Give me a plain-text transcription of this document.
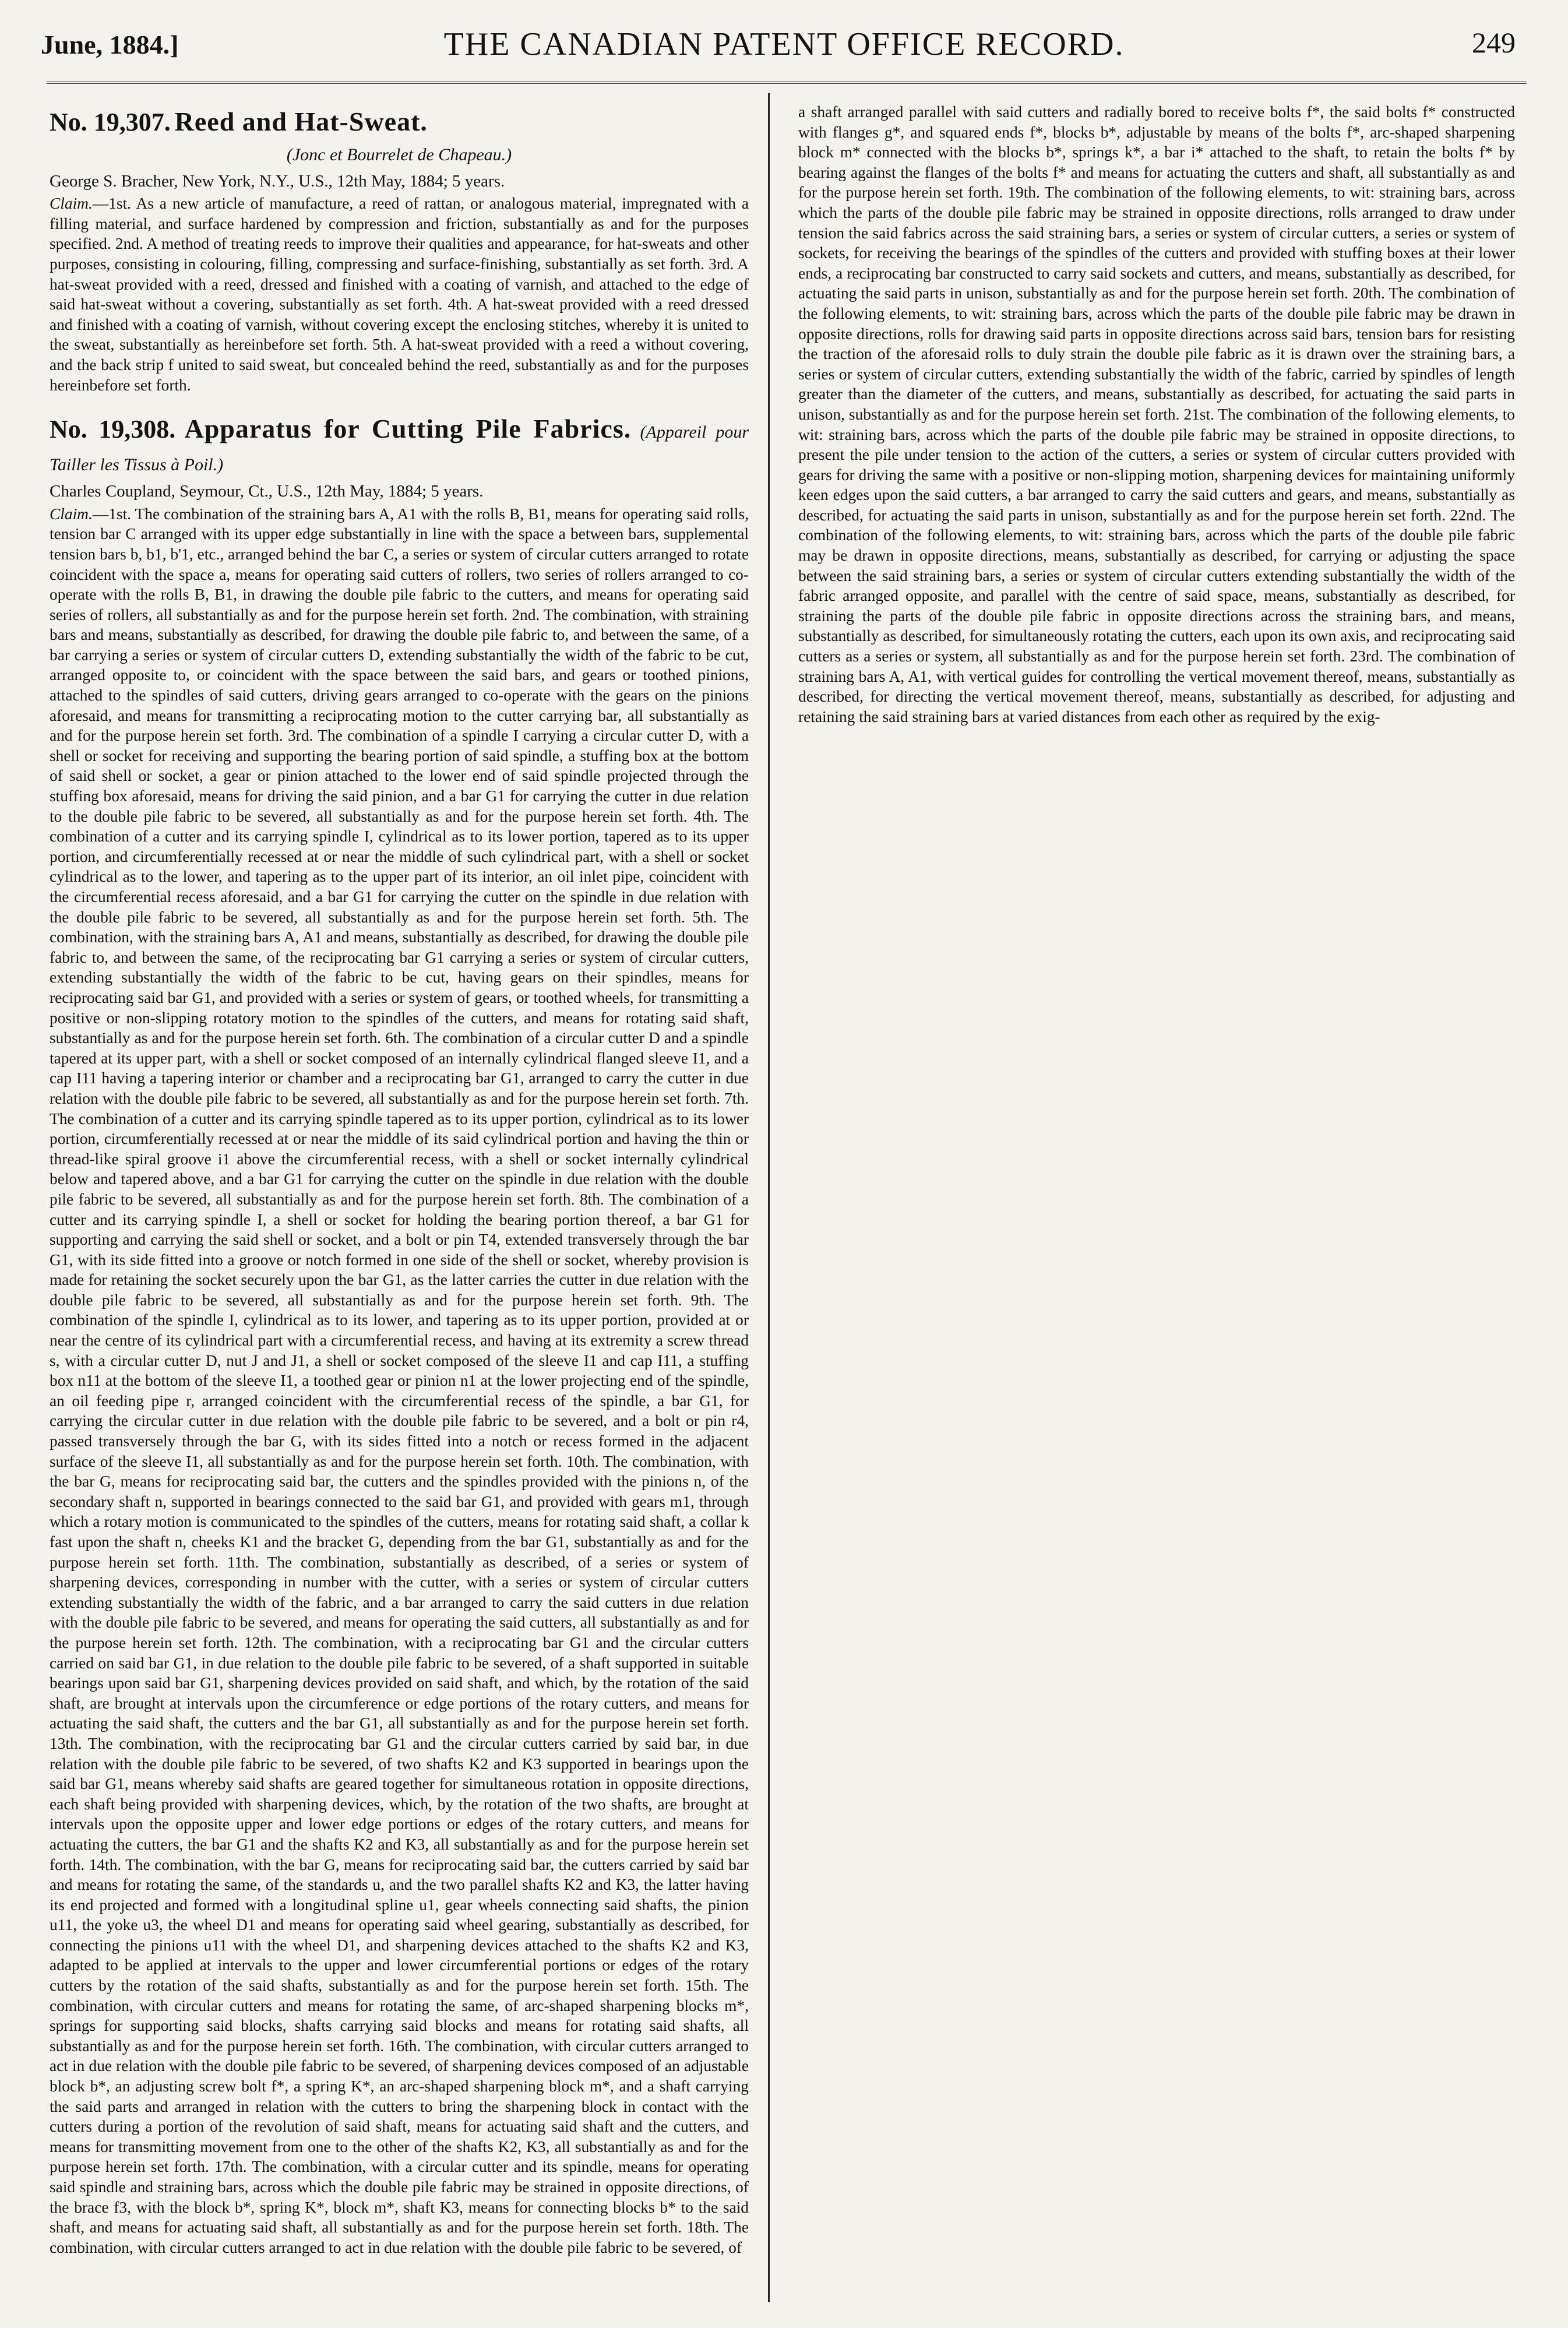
June, 1884.]	THE CANADIAN PATENT OFFICE RECORD.	249

No. 19,307. Reed and Hat-Sweat.

(Jonc et Bourrelet de Chapeau.)

George S. Bracher, New York, N.Y., U.S., 12th May, 1884; 5 years.

Claim.—1st. As a new article of manufacture, a reed of rattan, or analogous material, impregnated with a filling material, and surface hardened by compression and friction, substantially as and for the purposes specified. 2nd. A method of treating reeds to improve their qualities and appearance, for hat-sweats and other purposes, consisting in colouring, filling, compressing and surface-finishing, substantially as set forth. 3rd. A hat-sweat provided with a reed, dressed and finished with a coating of varnish, and attached to the edge of said hat-sweat without a covering, substantially as set forth. 4th. A hat-sweat provided with a reed dressed and finished with a coating of varnish, without covering except the enclosing stitches, whereby it is united to the sweat, substantially as hereinbefore set forth. 5th. A hat-sweat provided with a reed a without covering, and the back strip f united to said sweat, but concealed behind the reed, substantially as and for the purposes hereinbefore set forth.

No. 19,308. Apparatus for Cutting Pile Fabrics. (Appareil pour Tailler les Tissus à Poil.)

Charles Coupland, Seymour, Ct., U.S., 12th May, 1884; 5 years.

Claim.—1st. The combination of the straining bars A, A1 with the rolls B, B1, means for operating said rolls, tension bar C arranged with its upper edge substantially in line with the space a between bars, supplemental tension bars b, b1, b'1, etc., arranged behind the bar C, a series or system of circular cutters arranged to rotate coincident with the space a, means for operating said cutters of rollers, two series of rollers arranged to co-operate with the rolls B, B1, in drawing the double pile fabric to the cutters, and means for operating said series of rollers, all substantially as and for the purpose herein set forth. 2nd. The combination, with straining bars and means, substantially as described, for drawing the double pile fabric to, and between the same, of a bar carrying a series or system of circular cutters D, extending substantially the width of the fabric to be cut, arranged opposite to, or coincident with the space between the said bars, and gears or toothed pinions, attached to the spindles of said cutters, driving gears arranged to co-operate with the gears on the pinions aforesaid, and means for transmitting a reciprocating motion to the cutter carrying bar, all substantially as and for the purpose herein set forth. 3rd. The combination of a spindle I carrying a circular cutter D, with a shell or socket for receiving and supporting the bearing portion of said spindle, a stuffing box at the bottom of said shell or socket, a gear or pinion attached to the lower end of said spindle projected through the stuffing box aforesaid, means for driving the said pinion, and a bar G1 for carrying the cutter in due relation to the double pile fabric to be severed, all substantially as and for the purpose herein set forth. 4th. The combination of a cutter and its carrying spindle I, cylindrical as to its lower portion, tapered as to its upper portion, and circumferentially recessed at or near the middle of such cylindrical part, with a shell or socket cylindrical as to the lower, and tapering as to the upper part of its interior, an oil inlet pipe, coincident with the circumferential recess aforesaid, and a bar G1 for carrying the cutter on the spindle in due relation with the double pile fabric to be severed, all substantially as and for the purpose herein set forth. 5th. The combination, with the straining bars A, A1 and means, substantially as described, for drawing the double pile fabric to, and between the same, of the reciprocating bar G1 carrying a series or system of circular cutters, extending substantially the width of the fabric to be cut, having gears on their spindles, means for reciprocating said bar G1, and provided with a series or system of gears, or toothed wheels, for transmitting a positive or non-slipping rotatory motion to the spindles of the cutters, and means for rotating said shaft, substantially as and for the purpose herein set forth. 6th. The combination of a circular cutter D and a spindle tapered at its upper part, with a shell or socket composed of an internally cylindrical flanged sleeve I1, and a cap I11 having a tapering interior or chamber and a reciprocating bar G1, arranged to carry the cutter in due relation with the double pile fabric to be severed, all substantially as and for the purpose herein set forth. 7th. The combination of a cutter and its carrying spindle tapered as to its upper portion, cylindrical as to its lower portion, circumferentially recessed at or near the middle of its said cylindrical portion and having the thin or thread-like spiral groove i1 above the circumferential recess, with a shell or socket internally cylindrical below and tapered above, and a bar G1 for carrying the cutter on the spindle in due relation with the double pile fabric to be severed, all substantially as and for the purpose herein set forth. 8th. The combination of a cutter and its carrying spindle I, a shell or socket for holding the bearing portion thereof, a bar G1 for supporting and carrying the said shell or socket, and a bolt or pin T4, extended transversely through the bar G1, with its side fitted into a groove or notch formed in one side of the shell or socket, whereby provision is made for retaining the socket securely upon the bar G1, as the latter carries the cutter in due relation with the double pile fabric to be severed, all substantially as and for the purpose herein set forth. 9th. The combination of the spindle I, cylindrical as to its lower, and tapering as to its upper portion, provided at or near the centre of its cylindrical part with a circumferential recess, and having at its extremity a screw thread s, with a circular cutter D, nut J and J1, a shell or socket composed of the sleeve I1 and cap I11, a stuffing box n11 at the bottom of the sleeve I1, a toothed gear or pinion n1 at the lower projecting end of the spindle, an oil feeding pipe r, arranged coincident with the circumferential recess of the spindle, a bar G1, for carrying the circular cutter in due relation with the double pile fabric to be severed, and a bolt or pin r4, passed transversely through the bar G, with its sides fitted into a notch or recess formed in the adjacent surface of the sleeve I1, all substantially as and for the purpose herein set forth. 10th. The combination, with the bar G, means for reciprocating said bar, the cutters and the spindles provided with the pinions n, of the secondary shaft n, supported in bearings connected to the said bar G1, and provided with gears m1, through which a rotary motion is communicated to the spindles of the cutters, means for rotating said shaft, a collar k fast upon the shaft n, cheeks K1 and the bracket G, depending from the bar G1, substantially as and for the purpose herein set forth. 11th. The combination, substantially as described, of a series or system of sharpening devices, corresponding in number with the cutter, with a series or system of circular cutters extending substantially the width of the fabric, and a bar arranged to carry the said cutters in due relation with the double pile fabric to be severed, and means for operating the said cutters, all substantially as and for the purpose herein set forth. 12th. The combination, with a reciprocating bar G1 and the circular cutters carried on said bar G1, in due relation to the double pile fabric to be severed, of a shaft supported in suitable bearings upon said bar G1, sharpening devices provided on said shaft, and which, by the rotation of the said shaft, are brought at intervals upon the circumference or edge portions of the rotary cutters, and means for actuating the said shaft, the cutters and the bar G1, all substantially as and for the purpose herein set forth. 13th. The combination, with the reciprocating bar G1 and the circular cutters carried by said bar, in due relation with the double pile fabric to be severed, of two shafts K2 and K3 supported in bearings upon the said bar G1, means whereby said shafts are geared together for simultaneous rotation in opposite directions, each shaft being provided with sharpening devices, which, by the rotation of the two shafts, are brought at intervals upon the opposite upper and lower edge portions or edges of the rotary cutters, and means for actuating the cutters, the bar G1 and the shafts K2 and K3, all substantially as and for the purpose herein set forth. 14th. The combination, with the bar G, means for reciprocating said bar, the cutters carried by said bar and means for rotating the same, of the standards u, and the two parallel shafts K2 and K3, the latter having its end projected and formed with a longitudinal spline u1, gear wheels connecting said shafts, the pinion u11, the yoke u3, the wheel D1 and means for operating said wheel gearing, substantially as described, for connecting the pinions u11 with the wheel D1, and sharpening devices attached to the shafts K2 and K3, adapted to be applied at intervals to the upper and lower circumferential portions or edges of the rotary cutters by the rotation of the said shafts, substantially as and for the purpose herein set forth. 15th. The combination, with circular cutters and means for rotating the same, of arc-shaped sharpening blocks m*, springs for supporting said blocks, shafts carrying said blocks and means for rotating said shafts, all substantially as and for the purpose herein set forth. 16th. The combination, with circular cutters arranged to act in due relation with the double pile fabric to be severed, of sharpening devices composed of an adjustable block b*, an adjusting screw bolt f*, a spring K*, an arc-shaped sharpening block m*, and a shaft carrying the said parts and arranged in relation with the cutters to bring the sharpening block in contact with the cutters during a portion of the revolution of said shaft, means for actuating said shaft and the cutters, and means for transmitting movement from one to the other of the shafts K2, K3, all substantially as and for the purpose herein set forth. 17th. The combination, with a circular cutter and its spindle, means for operating said spindle and straining bars, across which the double pile fabric may be strained in opposite directions, of the brace f3, with the block b*, spring K*, block m*, shaft K3, means for connecting blocks b* to the said shaft, and means for actuating said shaft, all substantially as and for the purpose herein set forth. 18th. The combination, with circular cutters arranged to act in due relation with the double pile fabric to be severed, of

a shaft arranged parallel with said cutters and radially bored to receive bolts f*, the said bolts f* constructed with flanges g*, and squared ends f*, blocks b*, adjustable by means of the bolts f*, arc-shaped sharpening block m* connected with the blocks b*, springs k*, a bar i* attached to the shaft, to retain the bolts f* by bearing against the flanges of the bolts f* and means for actuating the cutters and shaft, all substantially as and for the purpose herein set forth. 19th. The combination of the following elements, to wit: straining bars, across which the parts of the double pile fabric may be strained in opposite directions, rolls arranged to draw under tension the said fabrics across the said straining bars, a series or system of circular cutters, a series or system of sockets, for receiving the bearings of the spindles of the cutters and provided with stuffing boxes at their lower ends, a reciprocating bar constructed to carry said sockets and cutters, and means, substantially as described, for actuating the said parts in unison, substantially as and for the purpose herein set forth. 20th. The combination of the following elements, to wit: straining bars, across which the parts of the double pile fabric may be drawn in opposite directions, rolls for drawing said parts in opposite directions across said bars, tension bars for resisting the traction of the aforesaid rolls to duly strain the double pile fabric as it is drawn over the straining bars, a series or system of circular cutters, extending substantially the width of the fabric, carried by spindles of length greater than the diameter of the cutters, and means, substantially as described, for actuating the said parts in unison, substantially as and for the purpose herein set forth. 21st. The combination of the following elements, to wit: straining bars, across which the parts of the double pile fabric may be strained in opposite directions, to present the pile under tension to the action of the cutters, a series or system of circular cutters provided with gears for driving the same with a positive or non-slipping motion, sharpening devices for maintaining uniformly keen edges upon the said cutters, a bar arranged to carry the said cutters and gears, and means, substantially as described, for actuating the said parts in unison, substantially as and for the purpose herein set forth. 22nd. The combination of the following elements, to wit: straining bars, across which the parts of the double pile fabric may be drawn in opposite directions, means, substantially as described, for carrying or adjusting the space between the said straining bars, a series or system of circular cutters extending substantially the width of the fabric arranged opposite, and parallel with the centre of said space, means, substantially as described, for straining the parts of the double pile fabric in opposite directions across the straining bars, and means, substantially as described, for simultaneously rotating the cutters, each upon its own axis, and reciprocating said cutters as a series or system, all substantially as and for the purpose herein set forth. 23rd. The combination of straining bars A, A1, with vertical guides for controlling the vertical movement thereof, means, substantially as described, for directing the vertical movement thereof, means, substantially as described, for adjusting and retaining the said straining bars at varied distances from each other as required by the exig-
